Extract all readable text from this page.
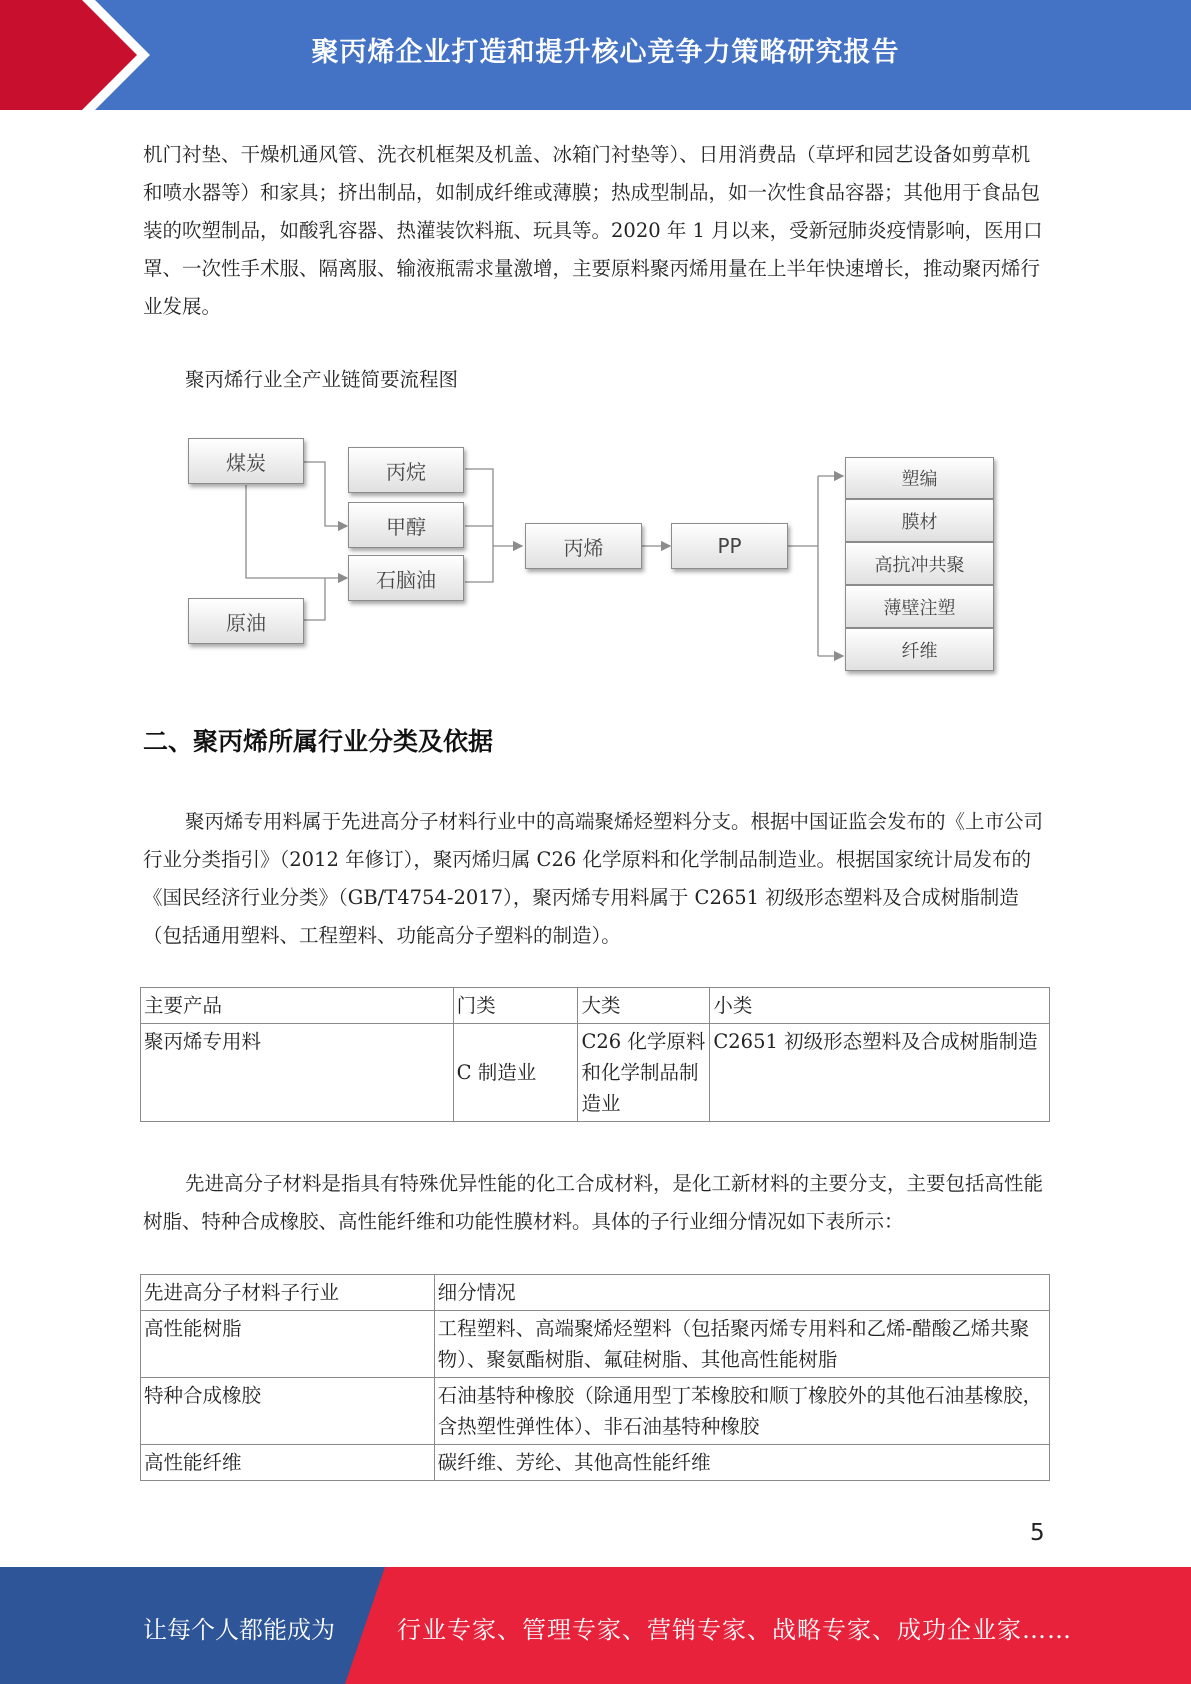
聚丙烯企业打造和提升核心竞争力策略研究报告

机门衬垫、干燥机通风管、洗衣机框架及机盖、冰箱门衬垫等）、日用消费品（草坪和园艺设备如剪草机和喷水器等）和家具；挤出制品，如制成纤维或薄膜；热成型制品，如一次性食品容器；其他用于食品包装的吹塑制品，如酸乳容器、热灌装饮料瓶、玩具等。2020 年 1 月以来，受新冠肺炎疫情影响，医用口罩、一次性手术服、隔离服、输液瓶需求量激增，主要原料聚丙烯用量在上半年快速增长，推动聚丙烯行业发展。

聚丙烯行业全产业链简要流程图
煤炭
原油
丙烷
甲醇
石脑油
丙烯	PP
塑编
膜材
高抗冲共聚
薄壁注塑
纤维
二、聚丙烯所属行业分类及依据

聚丙烯专用料属于先进高分子材料行业中的高端聚烯烃塑料分支。根据中国证监会发布的《上市公司行业分类指引》（2012 年修订），聚丙烯归属 C26 化学原料和化学制品制造业。根据国家统计局发布的《国民经济行业分类》（GB/T4754-2017），聚丙烯专用料属于 C2651 初级形态塑料及合成树脂制造（包括通用塑料、工程塑料、功能高分子塑料的制造）。

主要产品	门类	大类	小类
聚丙烯专用料	C 制造业	C26 化学原料和化学制品制造业	C2651 初级形态塑料及合成树脂制造

先进高分子材料是指具有特殊优异性能的化工合成材料，是化工新材料的主要分支，主要包括高性能树脂、特种合成橡胶、高性能纤维和功能性膜材料。具体的子行业细分情况如下表所示：

先进高分子材料子行业	细分情况
高性能树脂	工程塑料、高端聚烯烃塑料（包括聚丙烯专用料和乙烯-醋酸乙烯共聚物）、聚氨酯树脂、氟硅树脂、其他高性能树脂
特种合成橡胶	石油基特种橡胶（除通用型丁苯橡胶和顺丁橡胶外的其他石油基橡胶，含热塑性弹性体）、非石油基特种橡胶
高性能纤维	碳纤维、芳纶、其他高性能纤维
5
让每个人都能成为	行业专家、管理专家、营销专家、战略专家、成功企业家……
